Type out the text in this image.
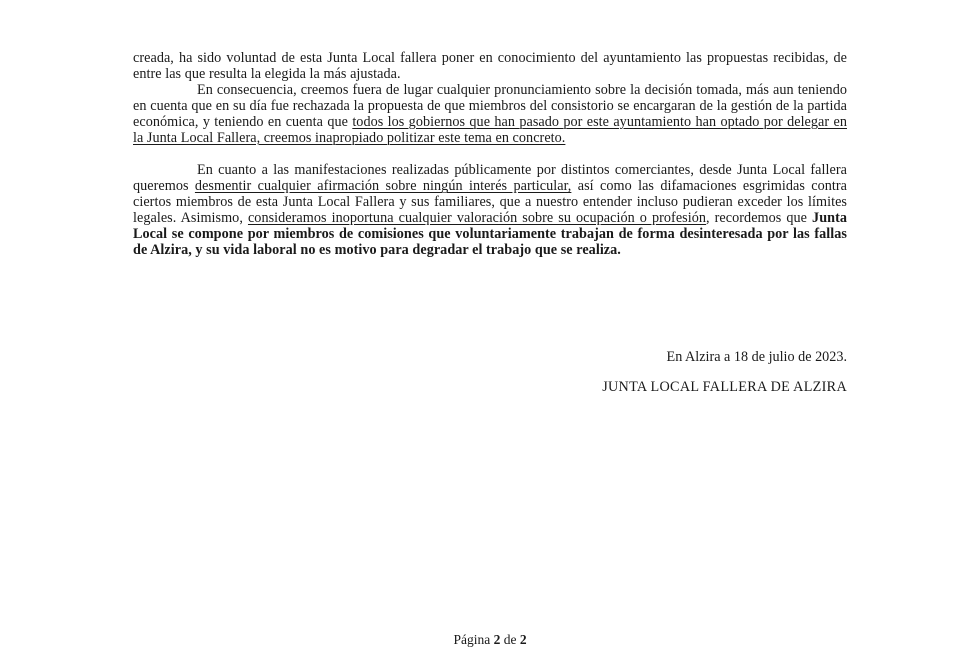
creada, ha sido voluntad de esta Junta Local fallera poner en conocimiento del ayuntamiento las propuestas recibidas, de entre las que resulta la elegida la más ajustada.

En consecuencia, creemos fuera de lugar cualquier pronunciamiento sobre la decisión tomada, más aun teniendo en cuenta que en su día fue rechazada la propuesta de que miembros del consistorio se encargaran de la gestión de la partida económica, y teniendo en cuenta que todos los gobiernos que han pasado por este ayuntamiento han optado por delegar en la Junta Local Fallera, creemos inapropiado politizar este tema en concreto.

En cuanto a las manifestaciones realizadas públicamente por distintos comerciantes, desde Junta Local fallera queremos desmentir cualquier afirmación sobre ningún interés particular, así como las difamaciones esgrimidas contra ciertos miembros de esta Junta Local Fallera y sus familiares, que a nuestro entender incluso pudieran exceder los límites legales. Asimismo, consideramos inoportuna cualquier valoración sobre su ocupación o profesión, recordemos que Junta Local se compone por miembros de comisiones que voluntariamente trabajan de forma desinteresada por las fallas de Alzira, y su vida laboral no es motivo para degradar el trabajo que se realiza.

En Alzira a 18 de julio de 2023.
JUNTA LOCAL FALLERA DE ALZIRA
Página 2 de 2
